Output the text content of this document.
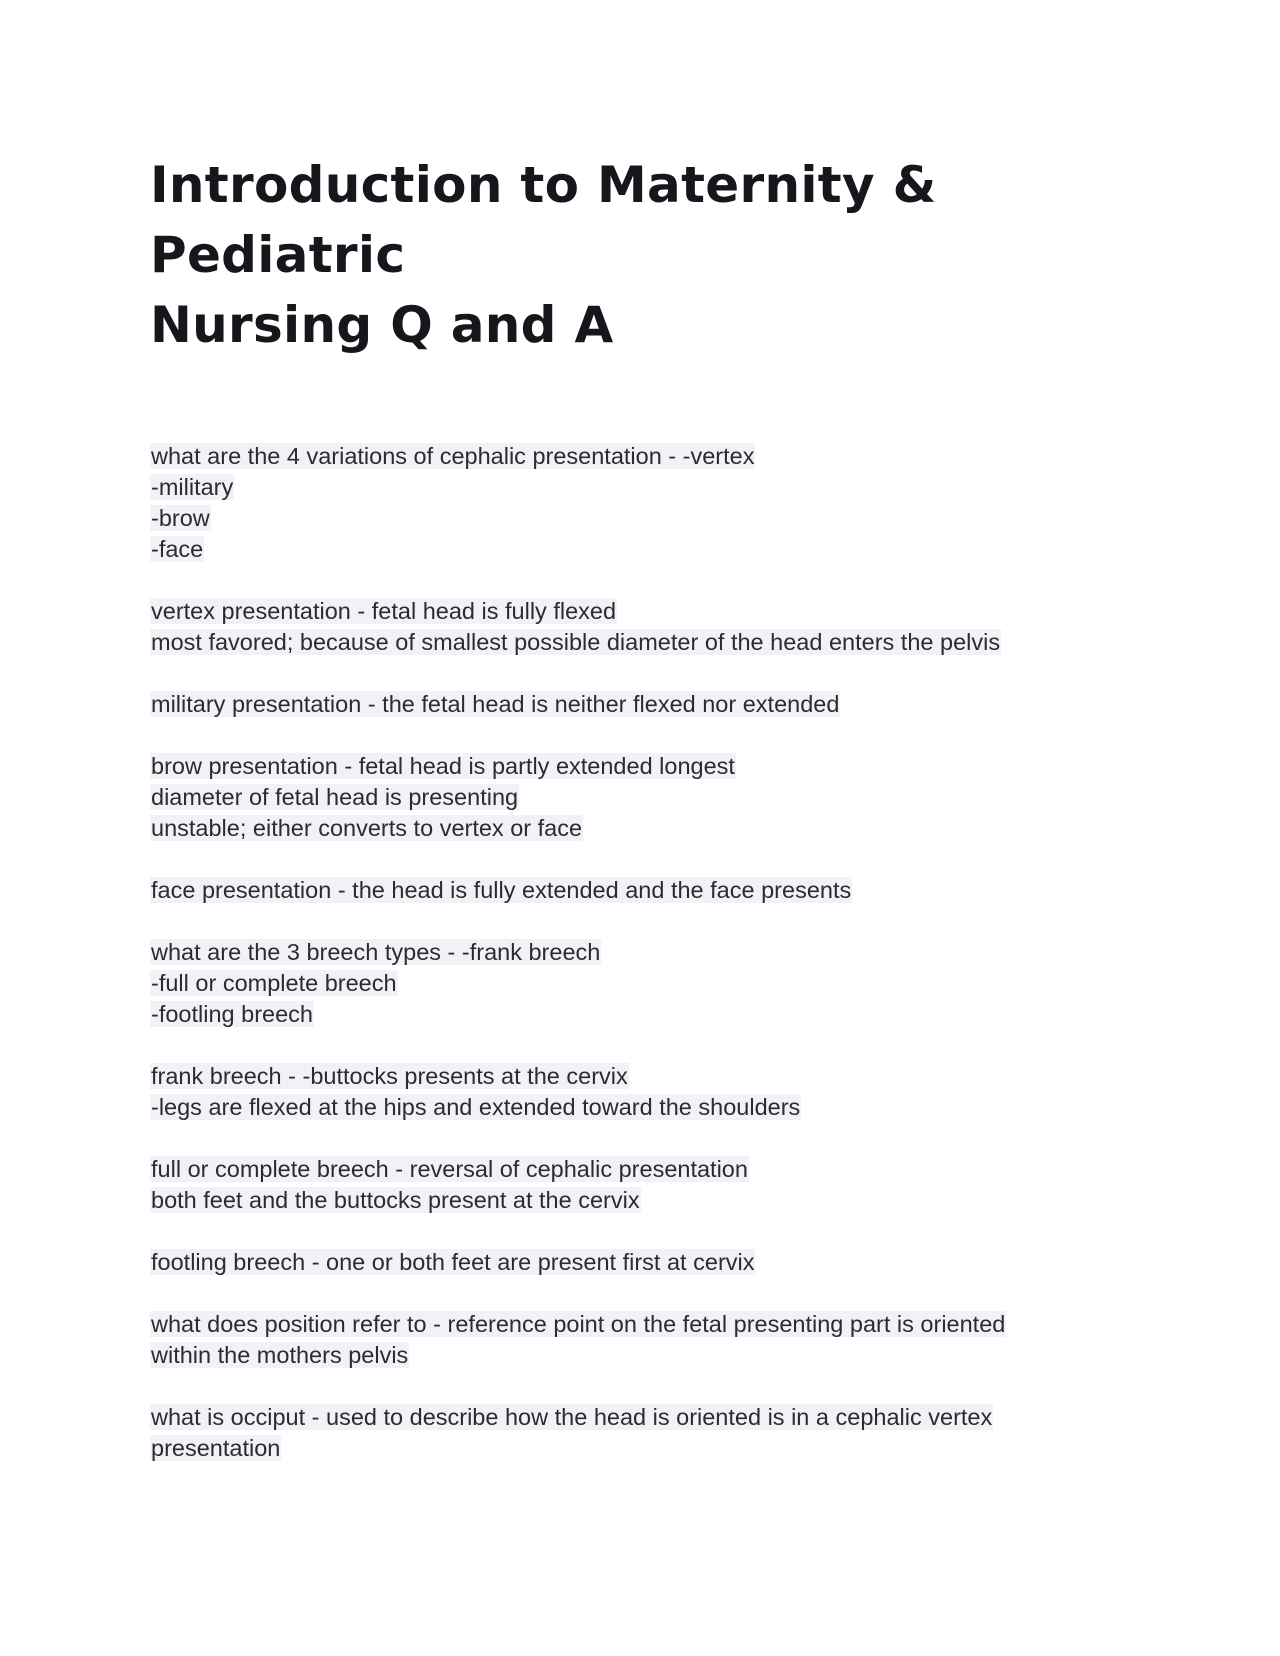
Introduction to Maternity & Pediatric
Nursing Q and A
what are the 4 variations of cephalic presentation - -vertex
-military
-brow
-face
vertex presentation - fetal head is fully flexed
most favored; because of smallest possible diameter of the head enters the pelvis
military presentation - the fetal head is neither flexed nor extended
brow presentation - fetal head is partly extended longest
diameter of fetal head is presenting
unstable; either converts to vertex or face
face presentation - the head is fully extended and the face presents
what are the 3 breech types - -frank breech
-full or complete breech
-footling breech
frank breech - -buttocks presents at the cervix
-legs are flexed at the hips and extended toward the shoulders
full or complete breech - reversal of cephalic presentation
both feet and the buttocks present at the cervix
footling breech - one or both feet are present first at cervix
what does position refer to - reference point on the fetal presenting part is oriented
within the mothers pelvis
what is occiput - used to describe how the head is oriented is in a cephalic vertex
presentation
